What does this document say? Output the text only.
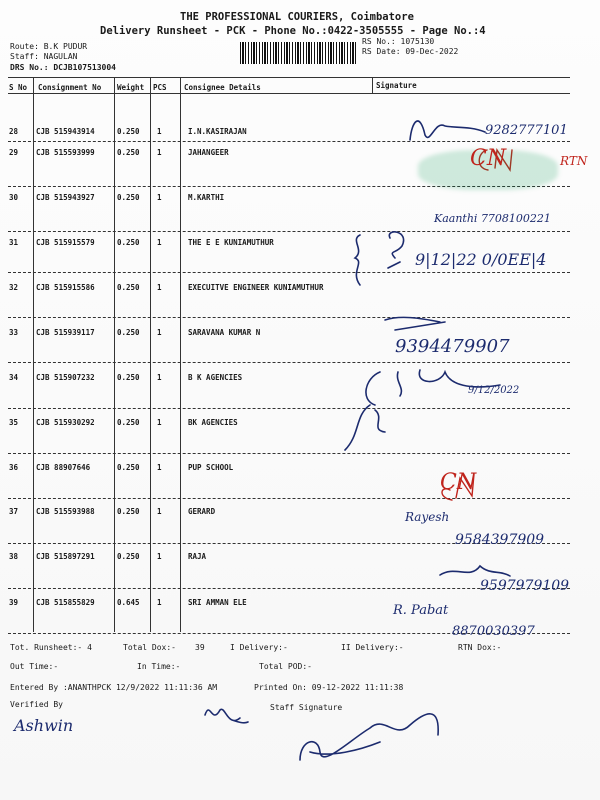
THE PROFESSIONAL COURIERS, Coimbatore
Delivery Runsheet - PCK - Phone No.:0422-3505555 - Page No.:4
Route: B.K PUDUR
Staff: NAGULAN
DRS No.: DCJB107513004
RS No.: 1075130
RS Date: 09-Dec-2022
S No Consignment No Weight PCS Consignee Details	Signature
28 CJB 515943914	0.250 1	I.N.KASIRAJAN
29 CJB 515593999	0.250 1	JAHANGEER
30 CJB 515943927	0.250 1	M.KARTHI
31 CJB 515915579	0.250 1	THE E E KUNIAMUTHUR
32 CJB 515915586	0.250 1	EXECUITVE ENGINEER KUNIAMUTHUR
33 CJB 515939117	0.250 1	SARAVANA KUMAR N
34 CJB 515907232	0.250 1	B K AGENCIES
35 CJB 515930292	0.250 1	BK AGENCIES
36 CJB 88907646	0.250 1	PUP SCHOOL
37 CJB 515593988	0.250 1	GERARD
38 CJB 515897291	0.250 1	RAJA
39 CJB 515855829	0.645 1	SRI AMMAN ELE
9282777101
CN	RTN
Kaanthi 7708100221
9|12|22 0/0EE|4
9394479907
9/12/2022
CN
Rayesh
9584397909
9597979109
R. Pabat
8870030397
Tot. Runsheet:- 4	Total Dox:- 39	I Delivery:-	II Delivery:-	RTN Dox:-
Out Time:-	In Time:-	Total POD:-
Entered By :ANANTHPCK 12/9/2022 11:11:36 AM	Printed On: 09-12-2022 11:11:38
Verified By
Ashwin
Staff Signature
